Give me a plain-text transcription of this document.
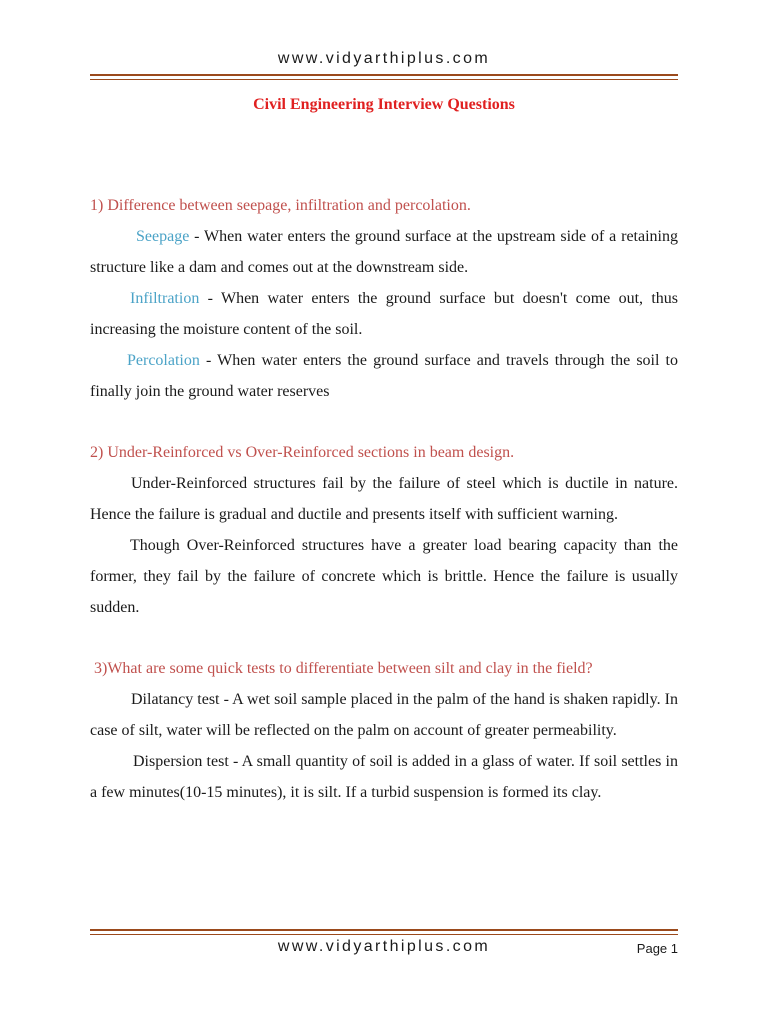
www.vidyarthiplus.com
Civil Engineering Interview Questions

1) Difference between seepage, infiltration and percolation.

Seepage - When water enters the ground surface at the upstream side of a retaining structure like a dam and comes out at the downstream side.

Infiltration - When water enters the ground surface but doesn't come out, thus increasing the moisture content of the soil.

Percolation - When water enters the ground surface and travels through the soil to finally join the ground water reserves

2) Under-Reinforced vs Over-Reinforced sections in beam design.

Under-Reinforced structures fail by the failure of steel which is ductile in nature. Hence the failure is gradual and ductile and presents itself with sufficient warning.

Though Over-Reinforced structures have a greater load bearing capacity than the former, they fail by the failure of concrete which is brittle. Hence the failure is usually sudden.

3)What are some quick tests to differentiate between silt and clay in the field?

Dilatancy test - A wet soil sample placed in the palm of the hand is shaken rapidly. In case of silt, water will be reflected on the palm on account of greater permeability.

Dispersion test - A small quantity of soil is added in a glass of water. If soil settles in a few minutes(10-15 minutes), it is silt. If a turbid suspension is formed its clay.

www.vidyarthiplus.com	Page 1
